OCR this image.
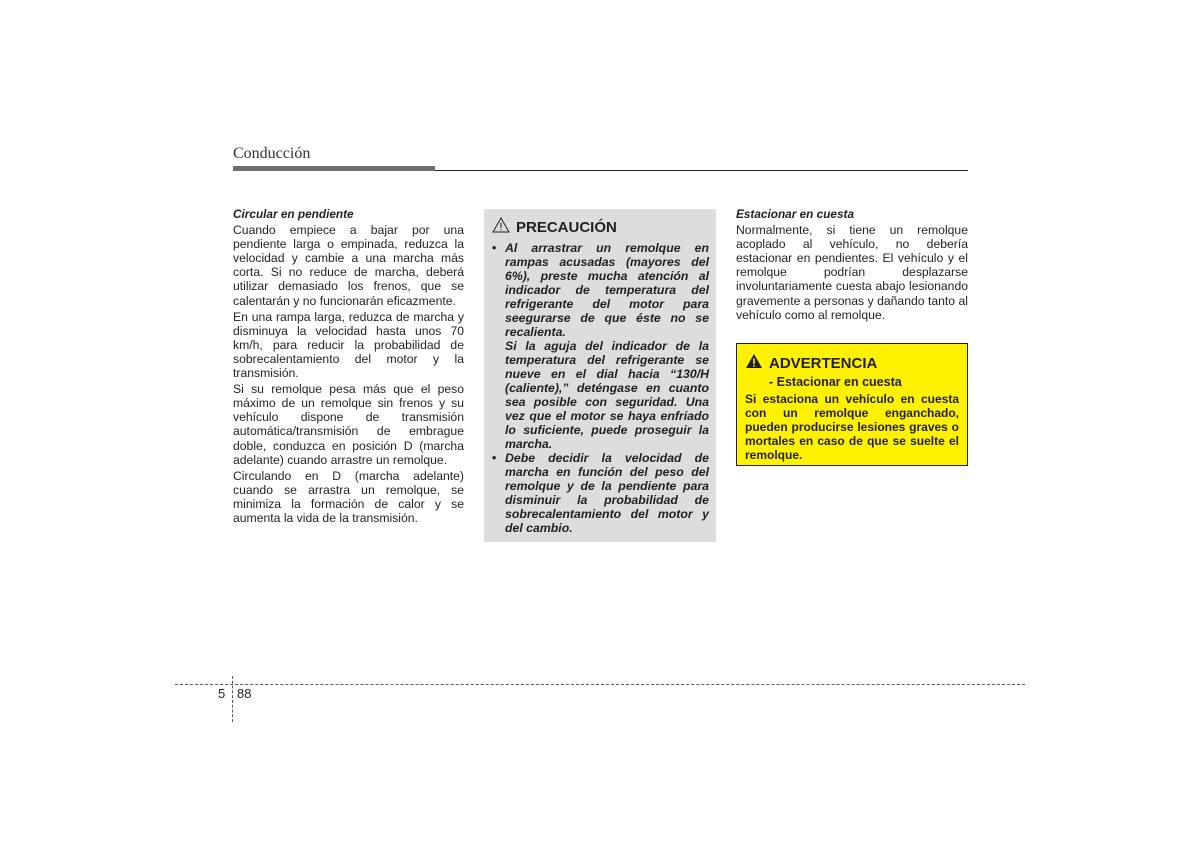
Conducción

Circular en pendiente

Cuando empiece a bajar por una pendiente larga o empinada, reduzca la velocidad y cambie a una marcha más corta. Si no reduce de marcha, deberá utilizar demasiado los frenos, que se calentarán y no funcionarán eficazmente.

En una rampa larga, reduzca de marcha y disminuya la velocidad hasta unos 70 km/h, para reducir la probabilidad de sobrecalentamiento del motor y la transmisión.

Si su remolque pesa más que el peso máximo de un remolque sin frenos y su vehículo dispone de transmisión automática/transmisión de embrague doble, conduzca en posición D (marcha adelante) cuando arrastre un remolque.

Circulando en D (marcha adelante) cuando se arrastra un remolque, se minimiza la formación de calor y se aumenta la vida de la transmisión.

PRECAUCIÓN
• Al arrastrar un remolque en rampas acusadas (mayores del 6%), preste mucha atención al indicador de temperatura del refrigerante del motor para seegurarse de que éste no se recalienta.

Si la aguja del indicador de la temperatura del refrigerante se nueve en el dial hacia “130/H (caliente),” deténgase en cuanto sea posible con seguridad. Una vez que el motor se haya enfriado lo suficiente, puede proseguir la marcha.

• Debe decidir la velocidad de marcha en función del peso del remolque y de la pendiente para disminuir la probabilidad de sobrecalentamiento del motor y del cambio.

Estacionar en cuesta

Normalmente, si tiene un remolque acoplado al vehículo, no debería estacionar en pendientes. El vehículo y el remolque podrían desplazarse involuntariamente cuesta abajo lesionando gravemente a personas y dañando tanto al vehículo como al remolque.

ADVERTENCIA
- Estacionar en cuesta

Si estaciona un vehículo en cuesta con un remolque enganchado, pueden producirse lesiones graves o mortales en caso de que se suelte el remolque.

5 88
